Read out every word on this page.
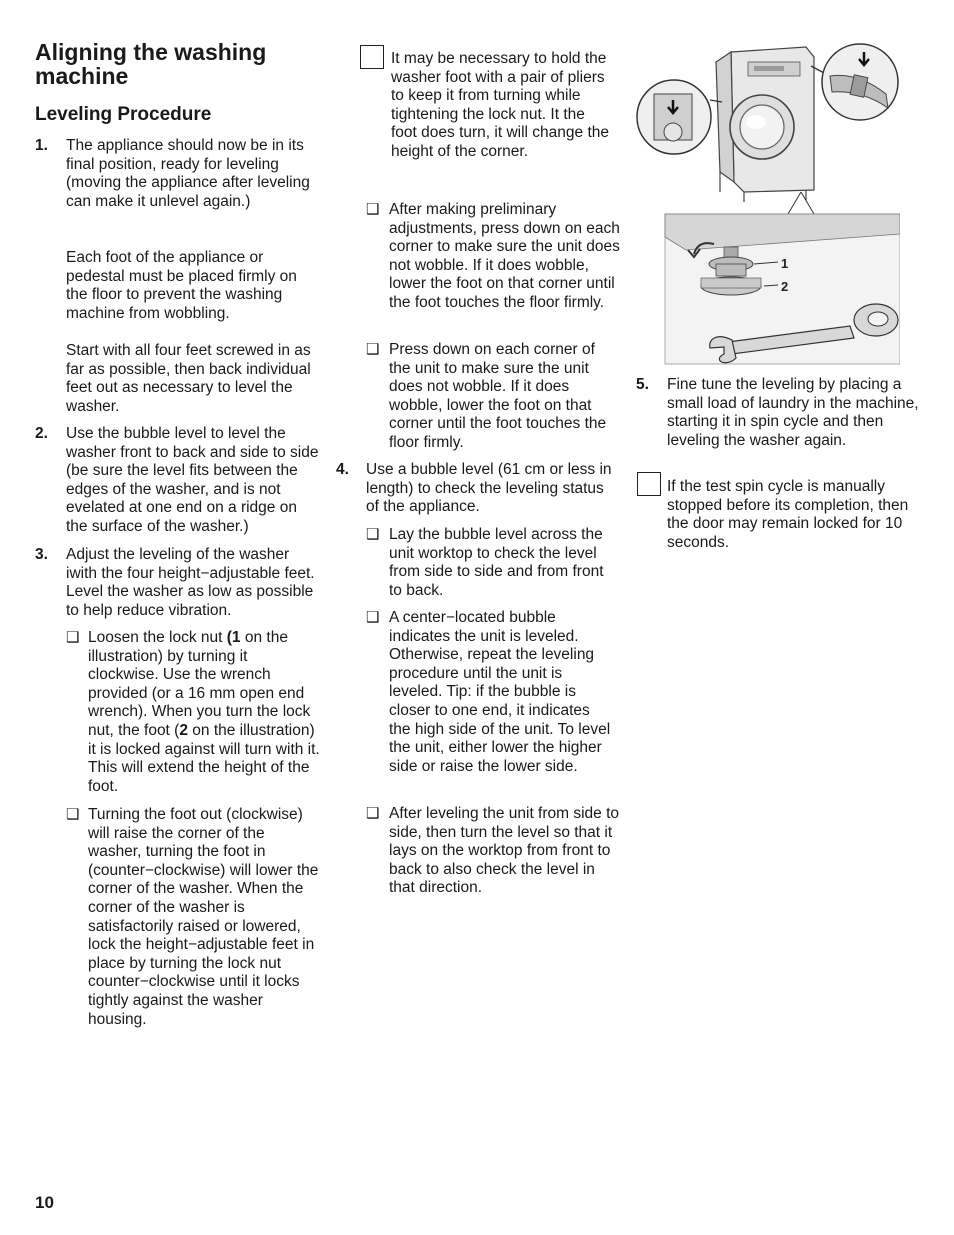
Aligning the washing machine
Leveling Procedure
1. The appliance should now be in its final position, ready for leveling (moving the appliance after leveling can make it unlevel again.)
Each foot of the appliance or pedestal must be placed firmly on the floor to prevent the washing machine from wobbling.
Start with all four feet screwed in as far as possible, then back individual feet out as necessary to level the washer.
2. Use the bubble level to level the washer front to back and side to side (be sure the level fits between the edges of the washer, and is not evelated at one end on a ridge on the surface of the washer.)
3. Adjust the leveling of the washer iwith the four height−adjustable feet. Level the washer as low as possible to help reduce vibration.
❑ Loosen the lock nut (1 on the illustration) by turning it clockwise. Use the wrench provided (or a 16 mm open end wrench). When you turn the lock nut, the foot (2 on the illustration) it is locked against will turn with it. This will extend the height of the foot.
❑ Turning the foot out (clockwise) will raise the corner of the washer, turning the foot in (counter−clockwise) will lower the corner of the washer. When the corner of the washer is satisfactorily raised or lowered, lock the height−adjustable feet in place by turning the lock nut counter−clockwise until it locks tightly against the washer housing.
It may be necessary to hold the washer foot with a pair of pliers to keep it from turning while tightening the lock nut. It the foot does turn, it will change the height of the corner.
❑ After making preliminary adjustments, press down on each corner to make sure the unit does not wobble. If it does wobble, lower the foot on that corner until the foot touches the floor firmly.
❑ Press down on each corner of the unit to make sure the unit does not wobble. If it does wobble, lower the foot on that corner until the foot touches the floor firmly.
4. Use a bubble level (61 cm or less in length) to check the leveling status of the appliance.
❑ Lay the bubble level across the unit worktop to check the level from side to side and from front to back.
❑ A center−located bubble indicates the unit is leveled. Otherwise, repeat the leveling procedure until the unit is leveled. Tip: if the bubble is closer to one end, it indicates the high side of the unit. To level the unit, either lower the higher side or raise the lower side.
❑ After leveling the unit from side to side, then turn the level so that it lays on the worktop from front to back to also check the level in that direction.
1
2
5. Fine tune the leveling by placing a small load of laundry in the machine, starting it in spin cycle and then leveling the washer again.
If the test spin cycle is manually stopped before its completion, then the door may remain locked for 10 seconds.
10
